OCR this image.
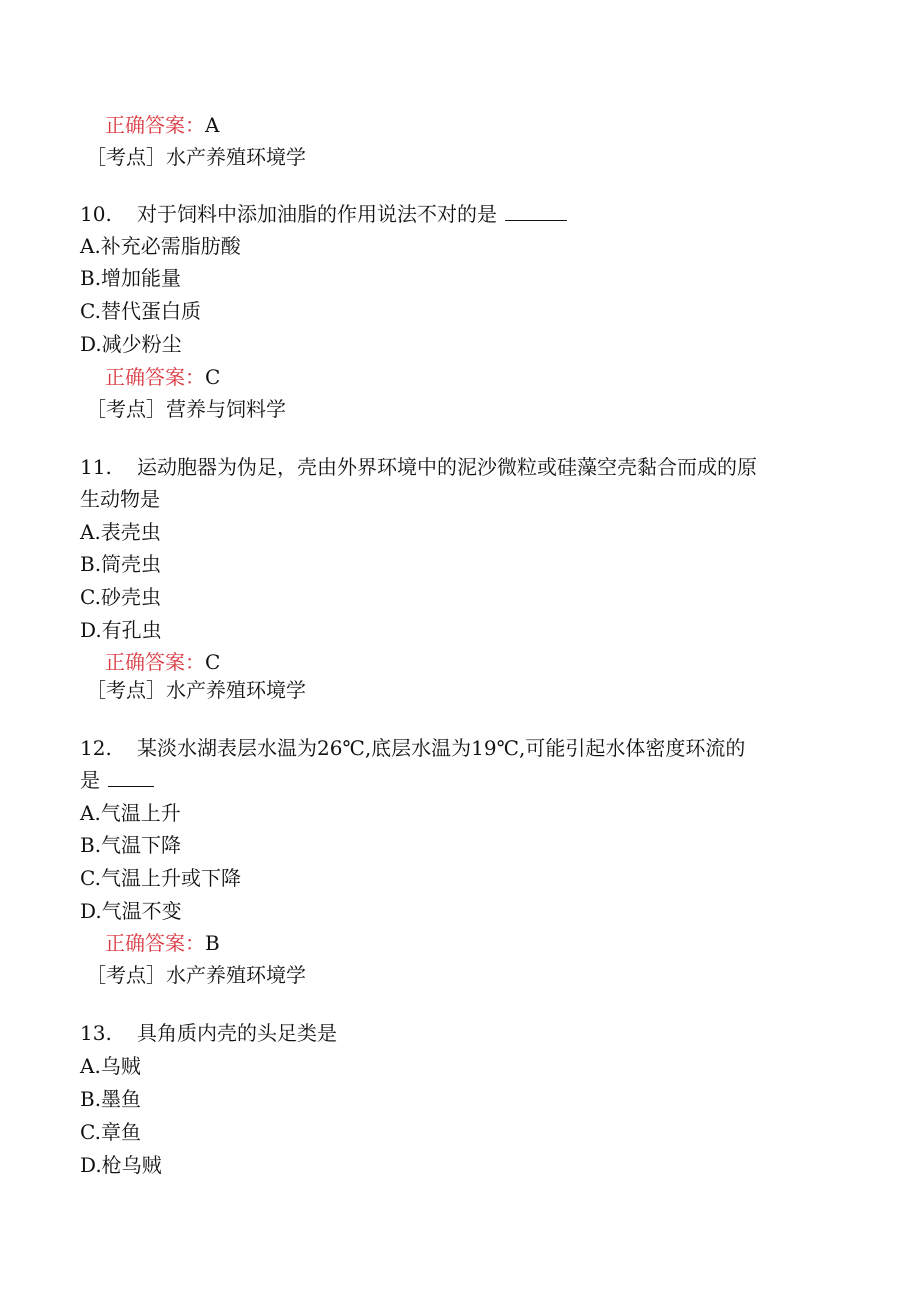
正确答案：A
［考点］水产养殖环境学
10. 对于饲料中添加油脂的作用说法不对的是
A.补充必需脂肪酸
B.增加能量
C.替代蛋白质
D.减少粉尘
正确答案：C
［考点］营养与饲料学
11. 运动胞器为伪足，壳由外界环境中的泥沙微粒或硅藻空壳黏合而成的原
生动物是
A.表壳虫
B.筒壳虫
C.砂壳虫
D.有孔虫
正确答案：C
［考点］水产养殖环境学
12. 某淡水湖表层水温为26℃,底层水温为19℃,可能引起水体密度环流的
是
A.气温上升
B.气温下降
C.气温上升或下降
D.气温不变
正确答案：B
［考点］水产养殖环境学
13. 具角质内壳的头足类是
A.乌贼
B.墨鱼
C.章鱼
D.枪乌贼
